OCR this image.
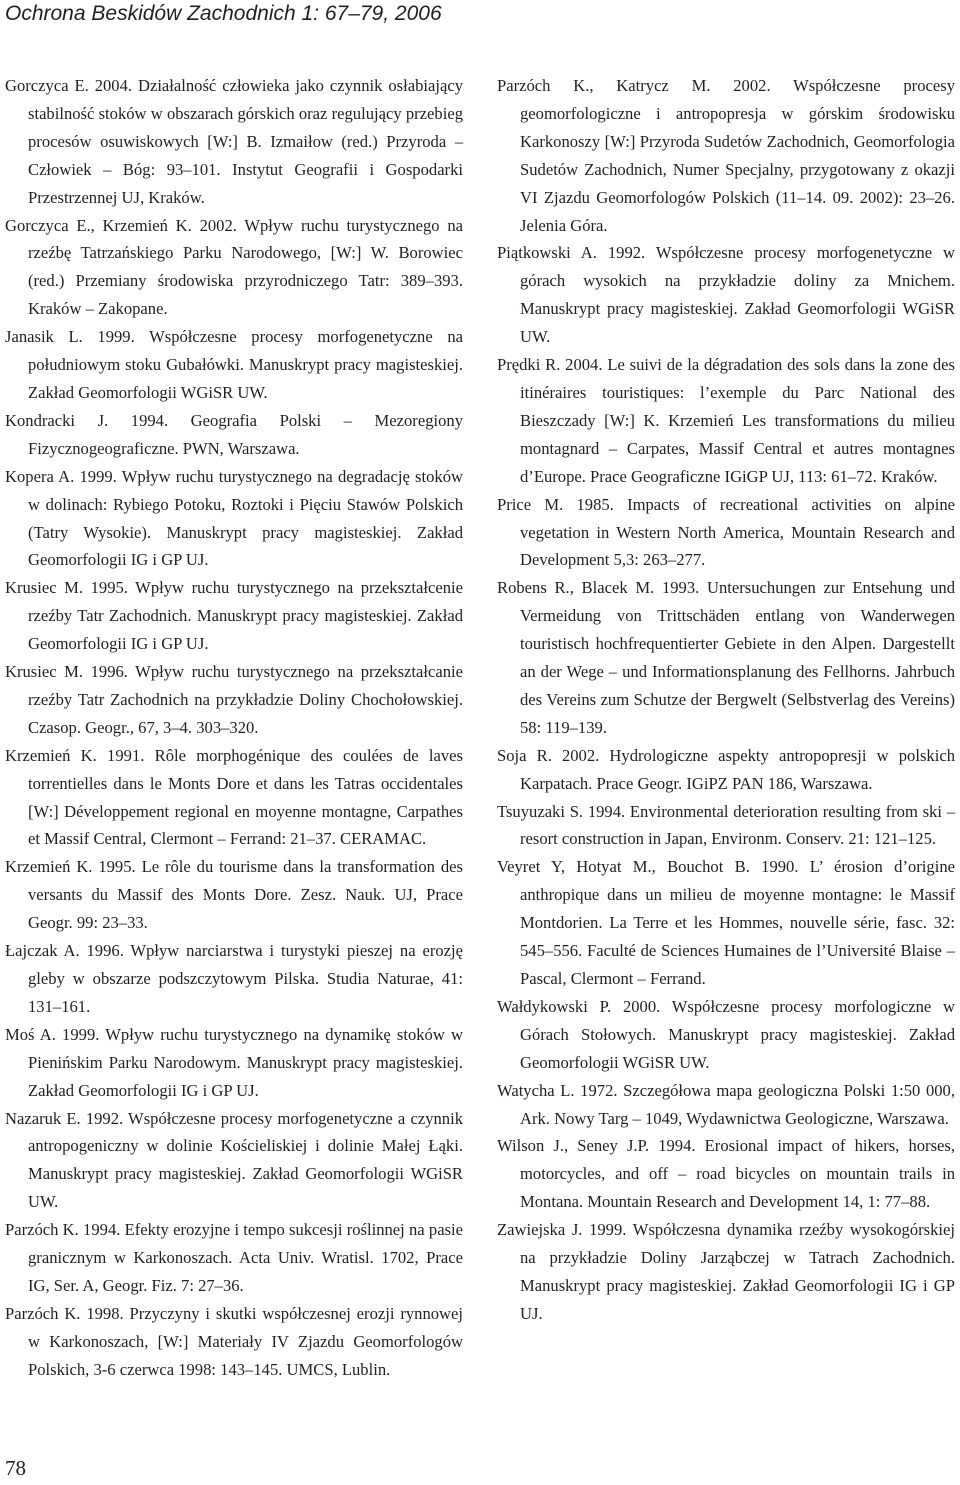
Ochrona Beskidów Zachodnich 1: 67–79, 2006

Gorczyca E. 2004. Działalność człowieka jako czynnik osłabiający stabilność stoków w obszarach górskich oraz regulujący przebieg procesów osuwiskowych [W:] B. Izmaiłow (red.) Przyroda – Człowiek – Bóg: 93–101. Instytut Geografii i Gospodarki Przestrzennej UJ, Kraków.

Gorczyca E., Krzemień K. 2002. Wpływ ruchu turystycznego na rzeźbę Tatrzańskiego Parku Narodowego, [W:] W. Borowiec (red.) Przemiany środowiska przyrodniczego Tatr: 389–393. Kraków – Zakopane.

Janasik L. 1999. Współczesne procesy morfogenetyczne na południowym stoku Gubałówki. Manuskrypt pracy magisteskiej. Zakład Geomorfologii WGiSR UW.

Kondracki J. 1994. Geografia Polski – Mezoregiony Fizycznogeograficzne. PWN, Warszawa.

Kopera A. 1999. Wpływ ruchu turystycznego na degradację stoków w dolinach: Rybiego Potoku, Roztoki i Pięciu Stawów Polskich (Tatry Wysokie). Manuskrypt pracy magisteskiej. Zakład Geomorfologii IG i GP UJ.

Krusiec M. 1995. Wpływ ruchu turystycznego na przekształcenie rzeźby Tatr Zachodnich. Manuskrypt pracy magisteskiej. Zakład Geomorfologii IG i GP UJ.

Krusiec M. 1996. Wpływ ruchu turystycznego na przekształcanie rzeźby Tatr Zachodnich na przykładzie Doliny Chochołowskiej. Czasop. Geogr., 67, 3–4. 303–320.

Krzemień K. 1991. Rôle morphogénique des coulées de laves torrentielles dans le Monts Dore et dans les Tatras occidentales [W:] Développement regional en moyenne montagne, Carpathes et Massif Central, Clermont – Ferrand: 21–37. CERAMAC.

Krzemień K. 1995. Le rôle du tourisme dans la transformation des versants du Massif des Monts Dore. Zesz. Nauk. UJ, Prace Geogr. 99: 23–33.

Łajczak A. 1996. Wpływ narciarstwa i turystyki pieszej na erozję gleby w obszarze podszczytowym Pilska. Studia Naturae, 41: 131–161.

Moś A. 1999. Wpływ ruchu turystycznego na dynamikę stoków w Pienińskim Parku Narodowym. Manuskrypt pracy magisteskiej. Zakład Geomorfologii IG i GP UJ.

Nazaruk E. 1992. Współczesne procesy morfogenetyczne a czynnik antropogeniczny w dolinie Kościeliskiej i dolinie Małej Łąki. Manuskrypt pracy magisteskiej. Zakład Geomorfologii WGiSR UW.

Parzóch K. 1994. Efekty erozyjne i tempo sukcesji roślinnej na pasie granicznym w Karkonoszach. Acta Univ. Wratisl. 1702, Prace IG, Ser. A, Geogr. Fiz. 7: 27–36.

Parzóch K. 1998. Przyczyny i skutki współczesnej erozji rynnowej w Karkonoszach, [W:] Materiały IV Zjazdu Geomorfologów Polskich, 3-6 czerwca 1998: 143–145. UMCS, Lublin.

Parzóch K., Katrycz M. 2002. Współczesne procesy geomorfologiczne i antropopresja w górskim środowisku Karkonoszy [W:] Przyroda Sudetów Zachodnich, Geomorfologia Sudetów Zachodnich, Numer Specjalny, przygotowany z okazji VI Zjazdu Geomorfologów Polskich (11–14. 09. 2002): 23–26. Jelenia Góra.

Piątkowski A. 1992. Współczesne procesy morfogenetyczne w górach wysokich na przykładzie doliny za Mnichem. Manuskrypt pracy magisteskiej. Zakład Geomorfologii WGiSR UW.

Prędki R. 2004. Le suivi de la dégradation des sols dans la zone des itinéraires touristiques: l’exemple du Parc National des Bieszczady [W:] K. Krzemień Les transformations du milieu montagnard – Carpates, Massif Central et autres montagnes d’Europe. Prace Geograficzne IGiGP UJ, 113: 61–72. Kraków.

Price M. 1985. Impacts of recreational activities on alpine vegetation in Western North America, Mountain Research and Development 5,3: 263–277.

Robens R., Blacek M. 1993. Untersuchungen zur Entsehung und Vermeidung von Trittschäden entlang von Wanderwegen touristisch hochfrequentierter Gebiete in den Alpen. Dargestellt an der Wege – und Informationsplanung des Fellhorns. Jahrbuch des Vereins zum Schutze der Bergwelt (Selbstverlag des Vereins) 58: 119–139.

Soja R. 2002. Hydrologiczne aspekty antropopresji w polskich Karpatach. Prace Geogr. IGiPZ PAN 186, Warszawa.

Tsuyuzaki S. 1994. Environmental deterioration resulting from ski – resort construction in Japan, Environm. Conserv. 21: 121–125.

Veyret Y, Hotyat M., Bouchot B. 1990. L’ érosion d’origine anthropique dans un milieu de moyenne montagne: le Massif Montdorien. La Terre et les Hommes, nouvelle série, fasc. 32: 545–556. Faculté de Sciences Humaines de l’Université Blaise – Pascal, Clermont – Ferrand.

Wałdykowski P. 2000. Współczesne procesy morfologiczne w Górach Stołowych. Manuskrypt pracy magisteskiej. Zakład Geomorfologii WGiSR UW.

Watycha L. 1972. Szczegółowa mapa geologiczna Polski 1:50 000, Ark. Nowy Targ – 1049, Wydawnictwa Geologiczne, Warszawa.

Wilson J., Seney J.P. 1994. Erosional impact of hikers, horses, motorcycles, and off – road bicycles on mountain trails in Montana. Mountain Research and Development 14, 1: 77–88.

Zawiejska J. 1999. Współczesna dynamika rzeźby wysokogórskiej na przykładzie Doliny Jarząbczej w Tatrach Zachodnich. Manuskrypt pracy magisteskiej. Zakład Geomorfologii IG i GP UJ.

78
